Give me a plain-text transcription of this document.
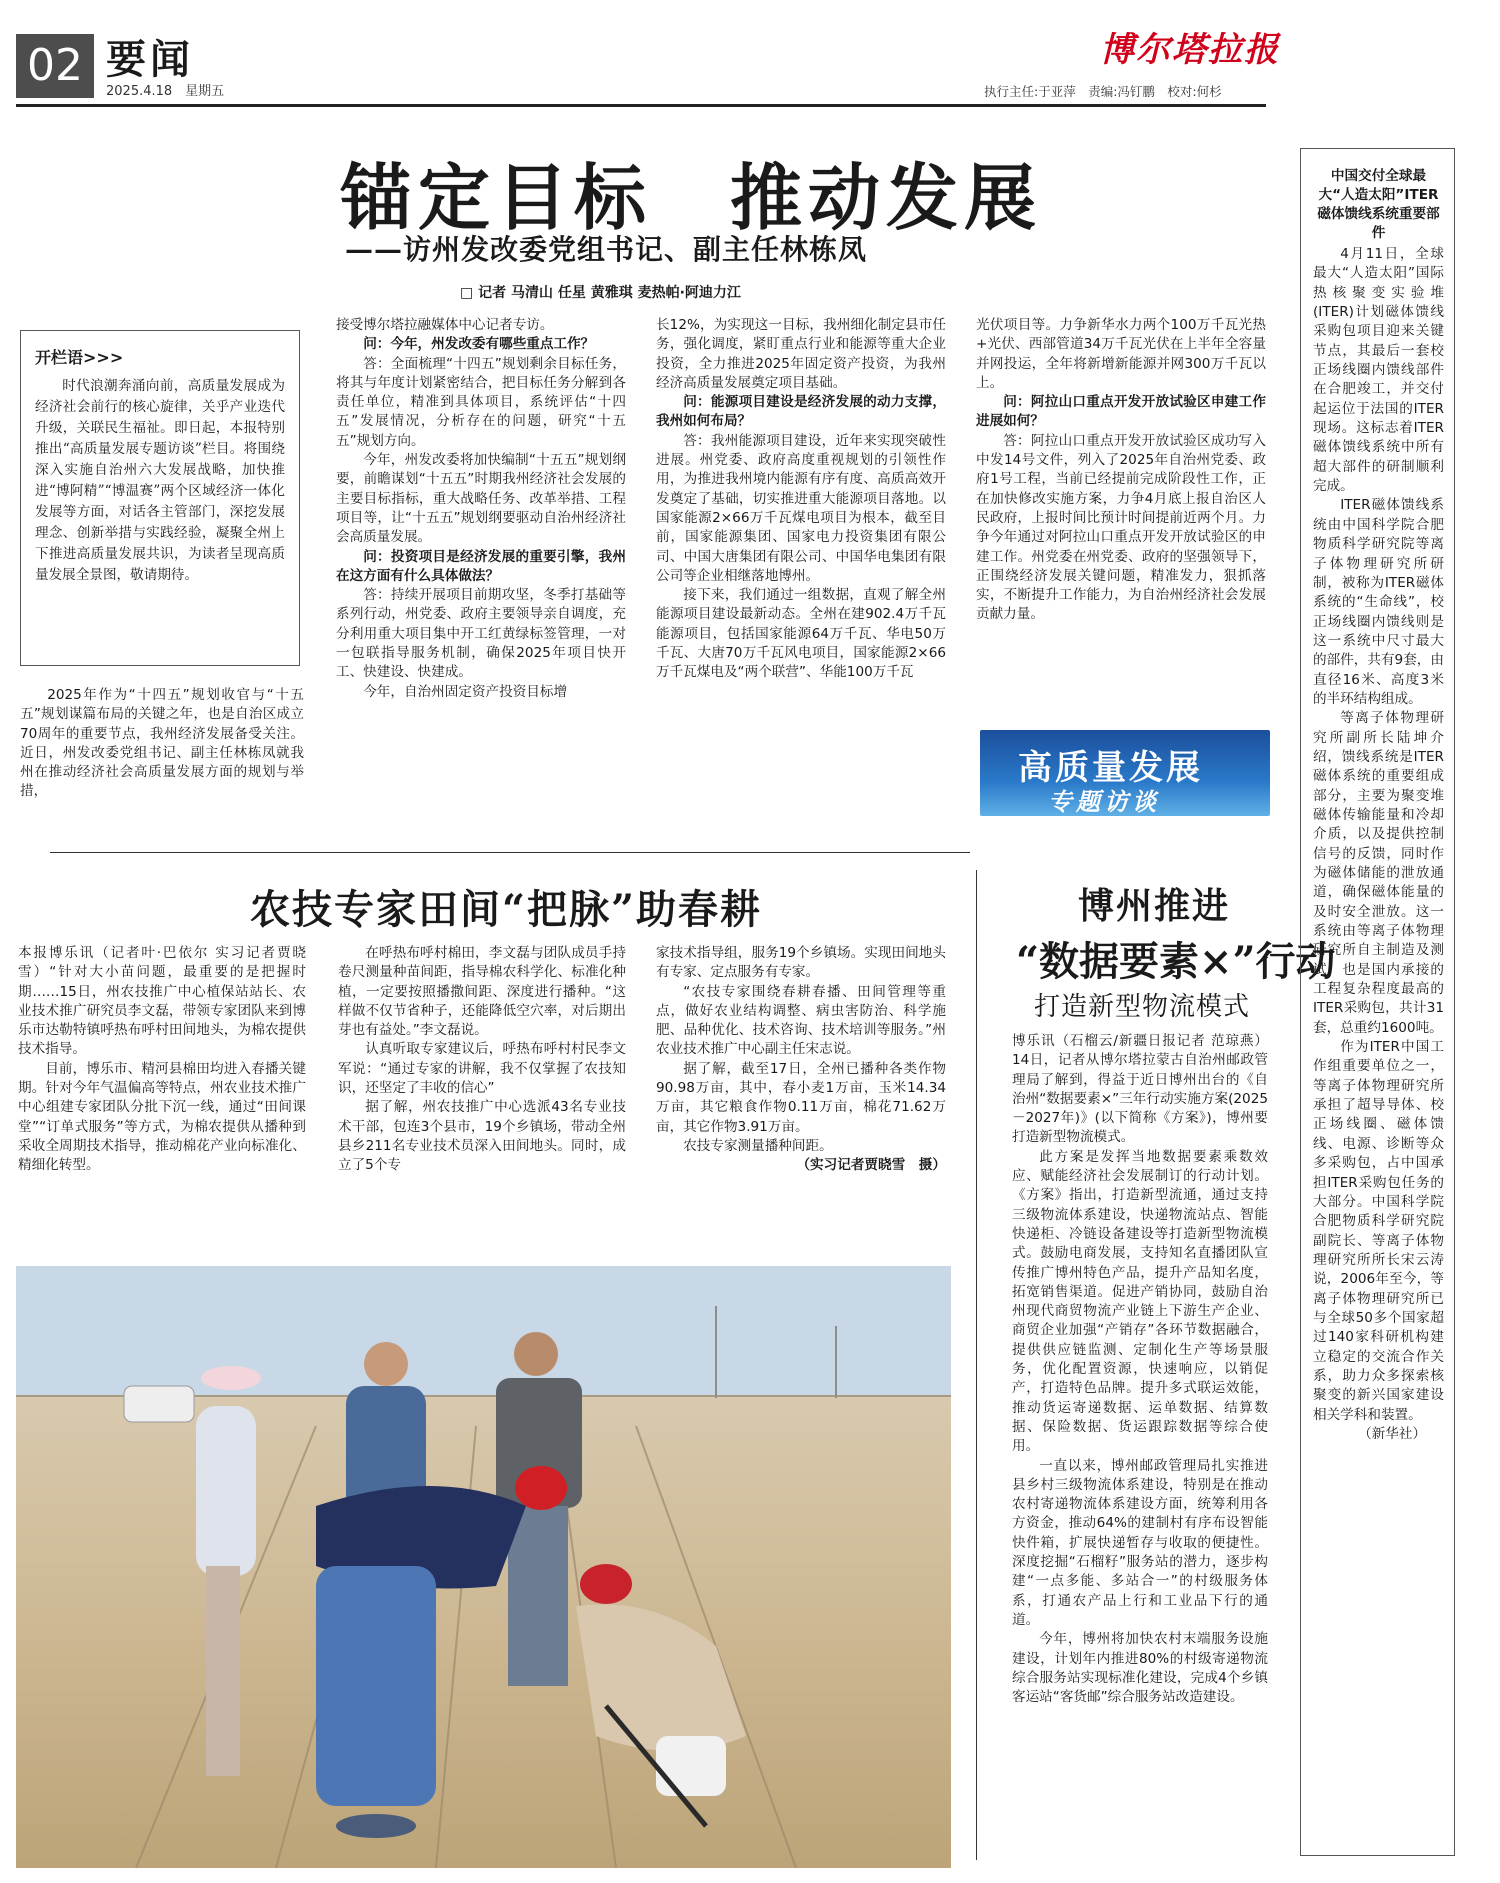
02 要闻
2025.4.18　星期五
博尔塔拉报
执行主任:于亚萍　责编:冯钉鹏　校对:何杉
锚定目标　推动发展
——访州发改委党组书记、副主任林栋凤
□ 记者 马清山 任星 黄雅琪 麦热帕·阿迪力江
开栏语>>>

时代浪潮奔涌向前，高质量发展成为经济社会前行的核心旋律，关乎产业迭代升级，关联民生福祉。即日起，本报特别推出“高质量发展专题访谈”栏目。将围绕深入实施自治州六大发展战略，加快推进“博阿精”“博温赛”两个区域经济一体化发展等方面，对话各主管部门，深挖发展理念、创新举措与实践经验，凝聚全州上下推进高质量发展共识，为读者呈现高质量发展全景图，敬请期待。

2025年作为“十四五”规划收官与“十五五”规划谋篇布局的关键之年，也是自治区成立70周年的重要节点，我州经济发展备受关注。近日，州发改委党组书记、副主任林栋凤就我州在推动经济社会高质量发展方面的规划与举措，

接受博尔塔拉融媒体中心记者专访。

问：今年，州发改委有哪些重点工作？

答：全面梳理“十四五”规划剩余目标任务，将其与年度计划紧密结合，把目标任务分解到各责任单位，精准到具体项目，系统评估“十四五”发展情况，分析存在的问题，研究“十五五”规划方向。

今年，州发改委将加快编制“十五五”规划纲要，前瞻谋划“十五五”时期我州经济社会发展的主要目标指标，重大战略任务、改革举措、工程项目等，让“十五五”规划纲要驱动自治州经济社会高质量发展。

问：投资项目是经济发展的重要引擎，我州在这方面有什么具体做法？

答：持续开展项目前期攻坚，冬季打基础等系列行动，州党委、政府主要领导亲自调度，充分利用重大项目集中开工红黄绿标签管理，一对一包联指导服务机制，确保2025年项目快开工、快建设、快建成。

今年，自治州固定资产投资目标增

长12%，为实现这一目标，我州细化制定县市任务，强化调度，紧盯重点行业和能源等重大企业投资，全力推进2025年固定资产投资，为我州经济高质量发展奠定项目基础。

问：能源项目建设是经济发展的动力支撑，我州如何布局？

答：我州能源项目建设，近年来实现突破性进展。州党委、政府高度重视规划的引领性作用，为推进我州境内能源有序有度、高质高效开发奠定了基础，切实推进重大能源项目落地。以国家能源2×66万千瓦煤电项目为根本，截至目前，国家能源集团、国家电力投资集团有限公司、中国大唐集团有限公司、中国华电集团有限公司等企业相继落地博州。

接下来，我们通过一组数据，直观了解全州能源项目建设最新动态。全州在建902.4万千瓦能源项目，包括国家能源64万千瓦、华电50万千瓦、大唐70万千瓦风电项目，国家能源2×66万千瓦煤电及“两个联营”、华能100万千瓦

光伏项目等。力争新华水力两个100万千瓦光热+光伏、西部管道34万千瓦光伏在上半年全容量并网投运，全年将新增新能源并网300万千瓦以上。

问：阿拉山口重点开发开放试验区申建工作进展如何？

答：阿拉山口重点开发开放试验区成功写入中发14号文件，列入了2025年自治州党委、政府1号工程，当前已经提前完成阶段性工作，正在加快修改实施方案，力争4月底上报自治区人民政府，上报时间比预计时间提前近两个月。力争今年通过对阿拉山口重点开发开放试验区的申建工作。州党委在州党委、政府的坚强领导下，正围绕经济发展关键问题，精准发力，狠抓落实，不断提升工作能力，为自治州经济社会发展贡献力量。

高质量发展
专题访谈
农技专家田间“把脉”助春耕

本报博乐讯（记者叶·巴依尔 实习记者贾晓雪）“针对大小苗问题，最重要的是把握时期……15日，州农技推广中心植保站站长、农业技术推广研究员李文磊，带领专家团队来到博乐市达勒特镇呼热布呼村田间地头，为棉农提供技术指导。

目前，博乐市、精河县棉田均进入春播关键期。针对今年气温偏高等特点，州农业技术推广中心组建专家团队分批下沉一线，通过“田间课堂”“订单式服务”等方式，为棉农提供从播种到采收全周期技术指导，推动棉花产业向标准化、精细化转型。

在呼热布呼村棉田，李文磊与团队成员手持卷尺测量种苗间距，指导棉农科学化、标准化种植，一定要按照播撒间距、深度进行播种。“这样做不仅节省种子，还能降低空穴率，对后期出芽也有益处。”李文磊说。

认真听取专家建议后，呼热布呼村村民李文军说：“通过专家的讲解，我不仅掌握了农技知识，还坚定了丰收的信心”

据了解，州农技推广中心选派43名专业技术干部，包连3个县市，19个乡镇场，带动全州县乡211名专业技术员深入田间地头。同时，成立了5个专

家技术指导组，服务19个乡镇场。实现田间地头有专家、定点服务有专家。

“农技专家围绕春耕春播、田间管理等重点，做好农业结构调整、病虫害防治、科学施肥、品种优化、技术咨询、技术培训等服务。”州农业技术推广中心副主任宋志说。

据了解，截至17日，全州已播种各类作物90.98万亩，其中，春小麦1万亩，玉米14.34万亩，其它粮食作物0.11万亩，棉花71.62万亩，其它作物3.91万亩。

农技专家测量播种间距。

（实习记者贾晓雪　摄）

博州推进
“数据要素×”行动
打造新型物流模式

博乐讯（石榴云/新疆日报记者 范琼燕）14日，记者从博尔塔拉蒙古自治州邮政管理局了解到，得益于近日博州出台的《自治州“数据要素×”三年行动实施方案(2025－2027年)》(以下简称《方案》)，博州要打造新型物流模式。

此方案是发挥当地数据要素乘数效应、赋能经济社会发展制订的行动计划。《方案》指出，打造新型流通，通过支持三级物流体系建设，快递物流站点、智能快递柜、冷链设备建设等打造新型物流模式。鼓励电商发展，支持知名直播团队宣传推广博州特色产品，提升产品知名度，拓宽销售渠道。促进产销协同，鼓励自治州现代商贸物流产业链上下游生产企业、商贸企业加强“产销存”各环节数据融合，提供供应链监测、定制化生产等场景服务，优化配置资源，快速响应，以销促产，打造特色品牌。提升多式联运效能，推动货运寄递数据、运单数据、结算数据、保险数据、货运跟踪数据等综合使用。

一直以来，博州邮政管理局扎实推进县乡村三级物流体系建设，特别是在推动农村寄递物流体系建设方面，统筹利用各方资金，推动64%的建制村有序布设智能快件箱，扩展快递暂存与收取的便捷性。深度挖掘“石榴籽”服务站的潜力，逐步构建“一点多能、多站合一”的村级服务体系，打通农产品上行和工业品下行的通道。

今年，博州将加快农村末端服务设施建设，计划年内推进80%的村级寄递物流综合服务站实现标准化建设，完成4个乡镇客运站“客货邮”综合服务站改造建设。

中国交付全球最大“人造太阳”ITER磁体馈线系统重要部件

4月11日，全球最大“人造太阳”国际热核聚变实验堆(ITER)计划磁体馈线采购包项目迎来关键节点，其最后一套校正场线圈内馈线部件在合肥竣工，并交付起运位于法国的ITER现场。这标志着ITER磁体馈线系统中所有超大部件的研制顺利完成。

ITER磁体馈线系统由中国科学院合肥物质科学研究院等离子体物理研究所研制，被称为ITER磁体系统的“生命线”，校正场线圈内馈线则是这一系统中尺寸最大的部件，共有9套，由直径16米、高度3米的半环结构组成。

等离子体物理研究所副所长陆坤介绍，馈线系统是ITER磁体系统的重要组成部分，主要为聚变堆磁体传输能量和冷却介质，以及提供控制信号的反馈，同时作为磁体储能的泄放通道，确保磁体能量的及时安全泄放。这一系统由等离子体物理研究所自主制造及测试，也是国内承接的工程复杂程度最高的ITER采购包，共计31套，总重约1600吨。

作为ITER中国工作组重要单位之一，等离子体物理研究所承担了超导导体、校正场线圈、磁体馈线、电源、诊断等众多采购包，占中国承担ITER采购包任务的大部分。中国科学院合肥物质科学研究院副院长、等离子体物理研究所所长宋云涛说，2006年至今，等离子体物理研究所已与全球50多个国家超过140家科研机构建立稳定的交流合作关系，助力众多探索核聚变的新兴国家建设相关学科和装置。

（新华社）
